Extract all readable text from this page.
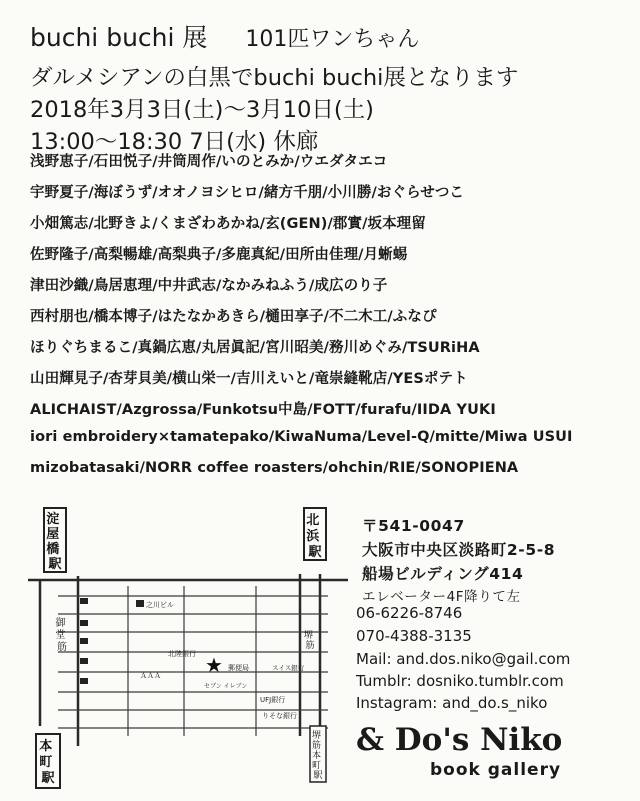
buchi buchi 展 101匹ワンちゃん
ダルメシアンの白黒でbuchi buchi展となります
2018年3月3日(土)〜3月10日(土)
13:00〜18:30 7日(水) 休廊
浅野恵子/石田悦子/井筒周作/いのとみか/ウエダタエコ
宇野夏子/海ぼうず/オオノヨシヒロ/緒方千朋/小川勝/おぐらせつこ
小畑篤志/北野きよ/くまざわあかね/玄(GEN)/郡實/坂本理留
佐野隆子/高梨暢雄/高梨典子/多鹿真紀/田所由佳理/月蜥蜴
津田沙織/鳥居恵理/中井武志/なかみねふう/成広のり子
西村朋也/橋本博子/はたなかあきら/樋田享子/不二木工/ふなぴ
ほりぐちまるこ/真鍋広恵/丸居眞記/宮川昭美/務川めぐみ/TSURiHA
山田輝見子/杏芽貝美/横山栄一/吉川えいと/竜崇縫靴店/YESポテト
ALICHAIST/Azgrossa/Funkotsu中島/FOTT/furafu/IIDA YUKI
iori embroidery×tamatepako/KiwaNuma/Level-Q/mitte/Miwa USUI
mizobatasaki/NORR coffee roasters/ohchin/RIE/SONOPIENA
淀 屋 橋 駅
北 浜 駅
本 町 駅
堺 筋 本 町 駅
御 堂 筋
堺 筋
之川ビル
北陸銀行
郵便局	スイス銀行
UFJ銀行
りそな銀行
ＡＡＡ
セブン イレブン
★
〒541-0047
大阪市中央区淡路町2-5-8
船場ビルディング414
エレベーター4F降りて左
06-6226-8746
070-4388-3135
Mail: and.dos.niko@gail.com
Tumblr: dosniko.tumblr.com
Instagram: and_do.s_niko
& Do's Niko
book gallery
